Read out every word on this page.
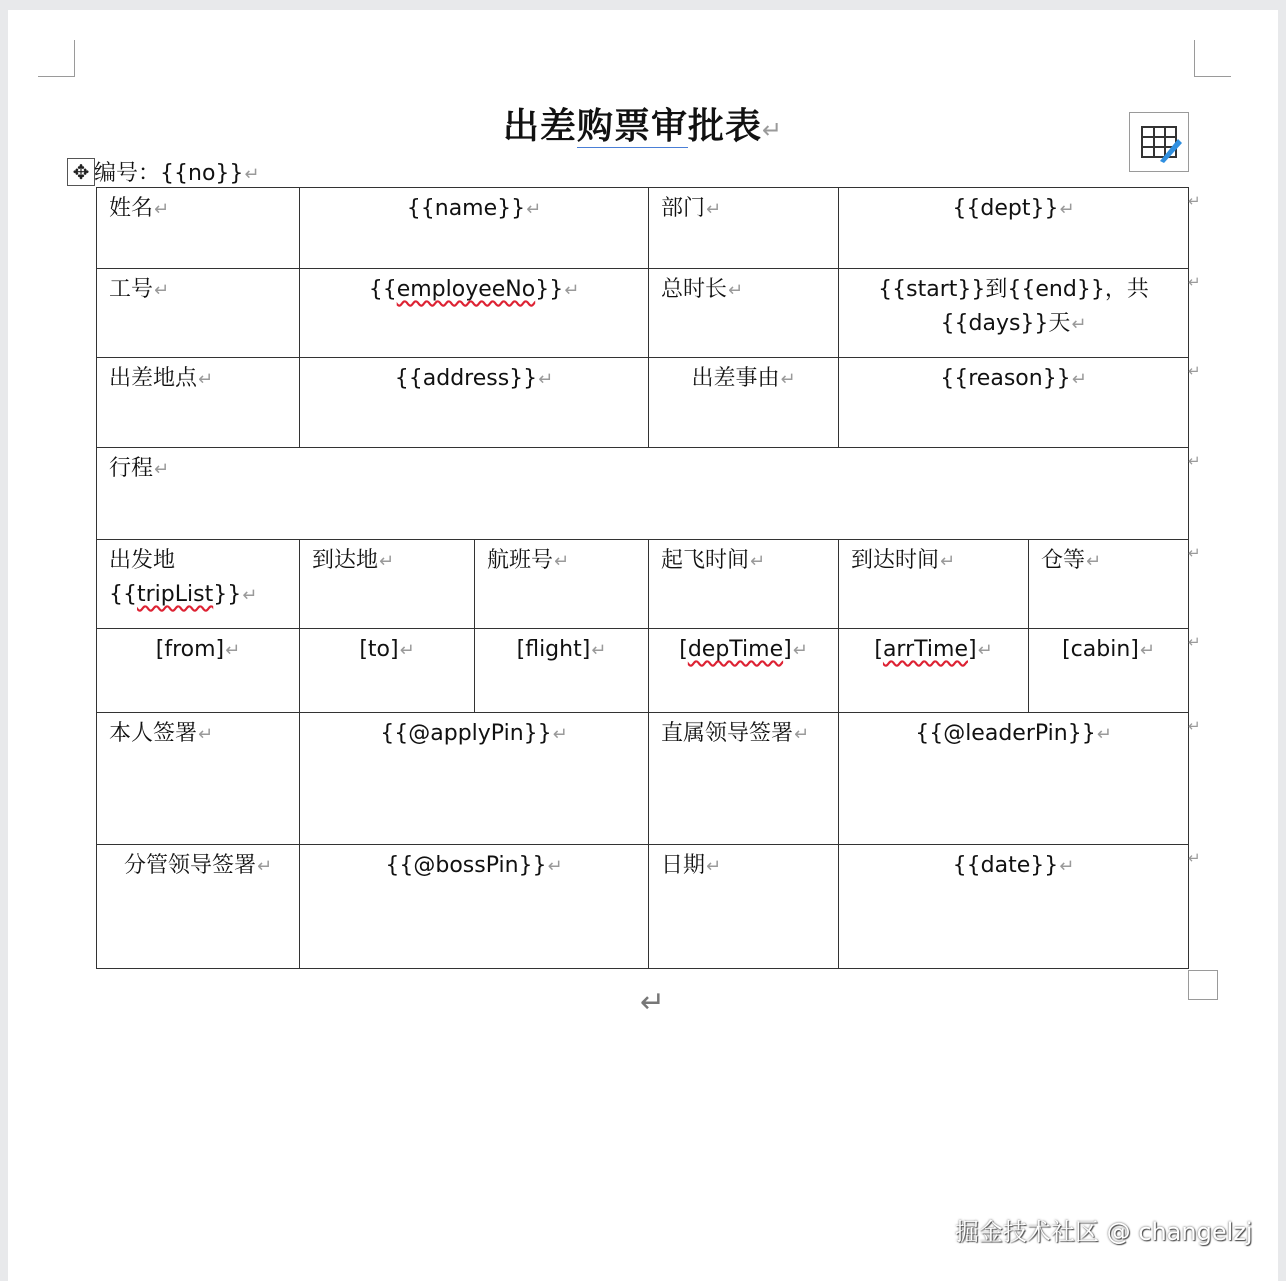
出差购票审批表↵
✥ 编号：{{no}}↵
姓名↵	{{name}}↵		部门↵	{{dept}}↵	
工号↵	{{employeeNo}}↵		总时长↵	{{start}}到{{end}}，共
{{days}}天↵	
出差地点↵	{{address}}↵		出差事由↵	{{reason}}↵	
行程↵					
出发地
{{tripList}}↵	到达地↵	航班号↵	起飞时间↵	到达时间↵	仓等↵
[from]↵	[to]↵	[flight]↵	[depTime]↵	[arrTime]↵	[cabin]↵
本人签署↵	{{@applyPin}}↵		直属领导签署↵	{{@leaderPin}}↵	
分管领导签署↵	{{@bossPin}}↵		日期↵	{{date}}↵	
↵
↵
↵
↵
↵
↵
↵
↵
↵
掘金技术社区 @ changelzj
